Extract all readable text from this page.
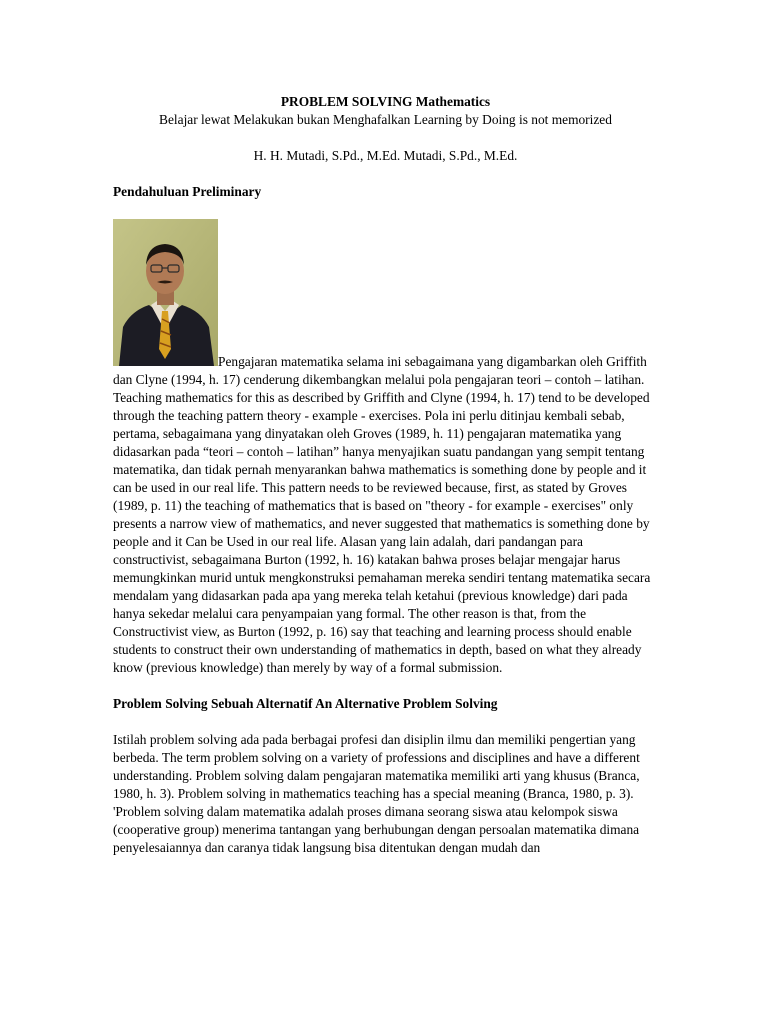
PROBLEM SOLVING Mathematics

Belajar lewat Melakukan bukan Menghafalkan Learning by Doing is not memorized

H. H. Mutadi, S.Pd., M.Ed. Mutadi, S.Pd., M.Ed.

Pendahuluan Preliminary

Pengajaran matematika selama ini sebagaimana yang digambarkan oleh Griffith dan Clyne (1994, h. 17) cenderung dikembangkan melalui pola pengajaran teori – contoh – latihan. Teaching mathematics for this as described by Griffith and Clyne (1994, h. 17) tend to be developed through the teaching pattern theory - example - exercises. Pola ini perlu ditinjau kembali sebab, pertama, sebagaimana yang dinyatakan oleh Groves (1989, h. 11) pengajaran matematika yang didasarkan pada “teori – contoh – latihan” hanya menyajikan suatu pandangan yang sempit tentang matematika, dan tidak pernah menyarankan bahwa mathematics is something done by people and it can be used in our real life. This pattern needs to be reviewed because, first, as stated by Groves (1989, p. 11) the teaching of mathematics that is based on "theory - for example - exercises" only presents a narrow view of mathematics, and never suggested that mathematics is something done by people and it Can be Used in our real life. Alasan yang lain adalah, dari pandangan para constructivist, sebagaimana Burton (1992, h. 16) katakan bahwa proses belajar mengajar harus memungkinkan murid untuk mengkonstruksi pemahaman mereka sendiri tentang matematika secara mendalam yang didasarkan pada apa yang mereka telah ketahui (previous knowledge) dari pada hanya sekedar melalui cara penyampaian yang formal. The other reason is that, from the Constructivist view, as Burton (1992, p. 16) say that teaching and learning process should enable students to construct their own understanding of mathematics in depth, based on what they already know (previous knowledge) than merely by way of a formal submission.

Problem Solving Sebuah Alternatif An Alternative Problem Solving

Istilah problem solving ada pada berbagai profesi dan disiplin ilmu dan memiliki pengertian yang berbeda. The term problem solving on a variety of professions and disciplines and have a different understanding. Problem solving dalam pengajaran matematika memiliki arti yang khusus (Branca, 1980, h. 3). Problem solving in mathematics teaching has a special meaning (Branca, 1980, p. 3). 'Problem solving dalam matematika adalah proses dimana seorang siswa atau kelompok siswa (cooperative group) menerima tantangan yang berhubungan dengan persoalan matematika dimana penyelesaiannya dan caranya tidak langsung bisa ditentukan dengan mudah dan
